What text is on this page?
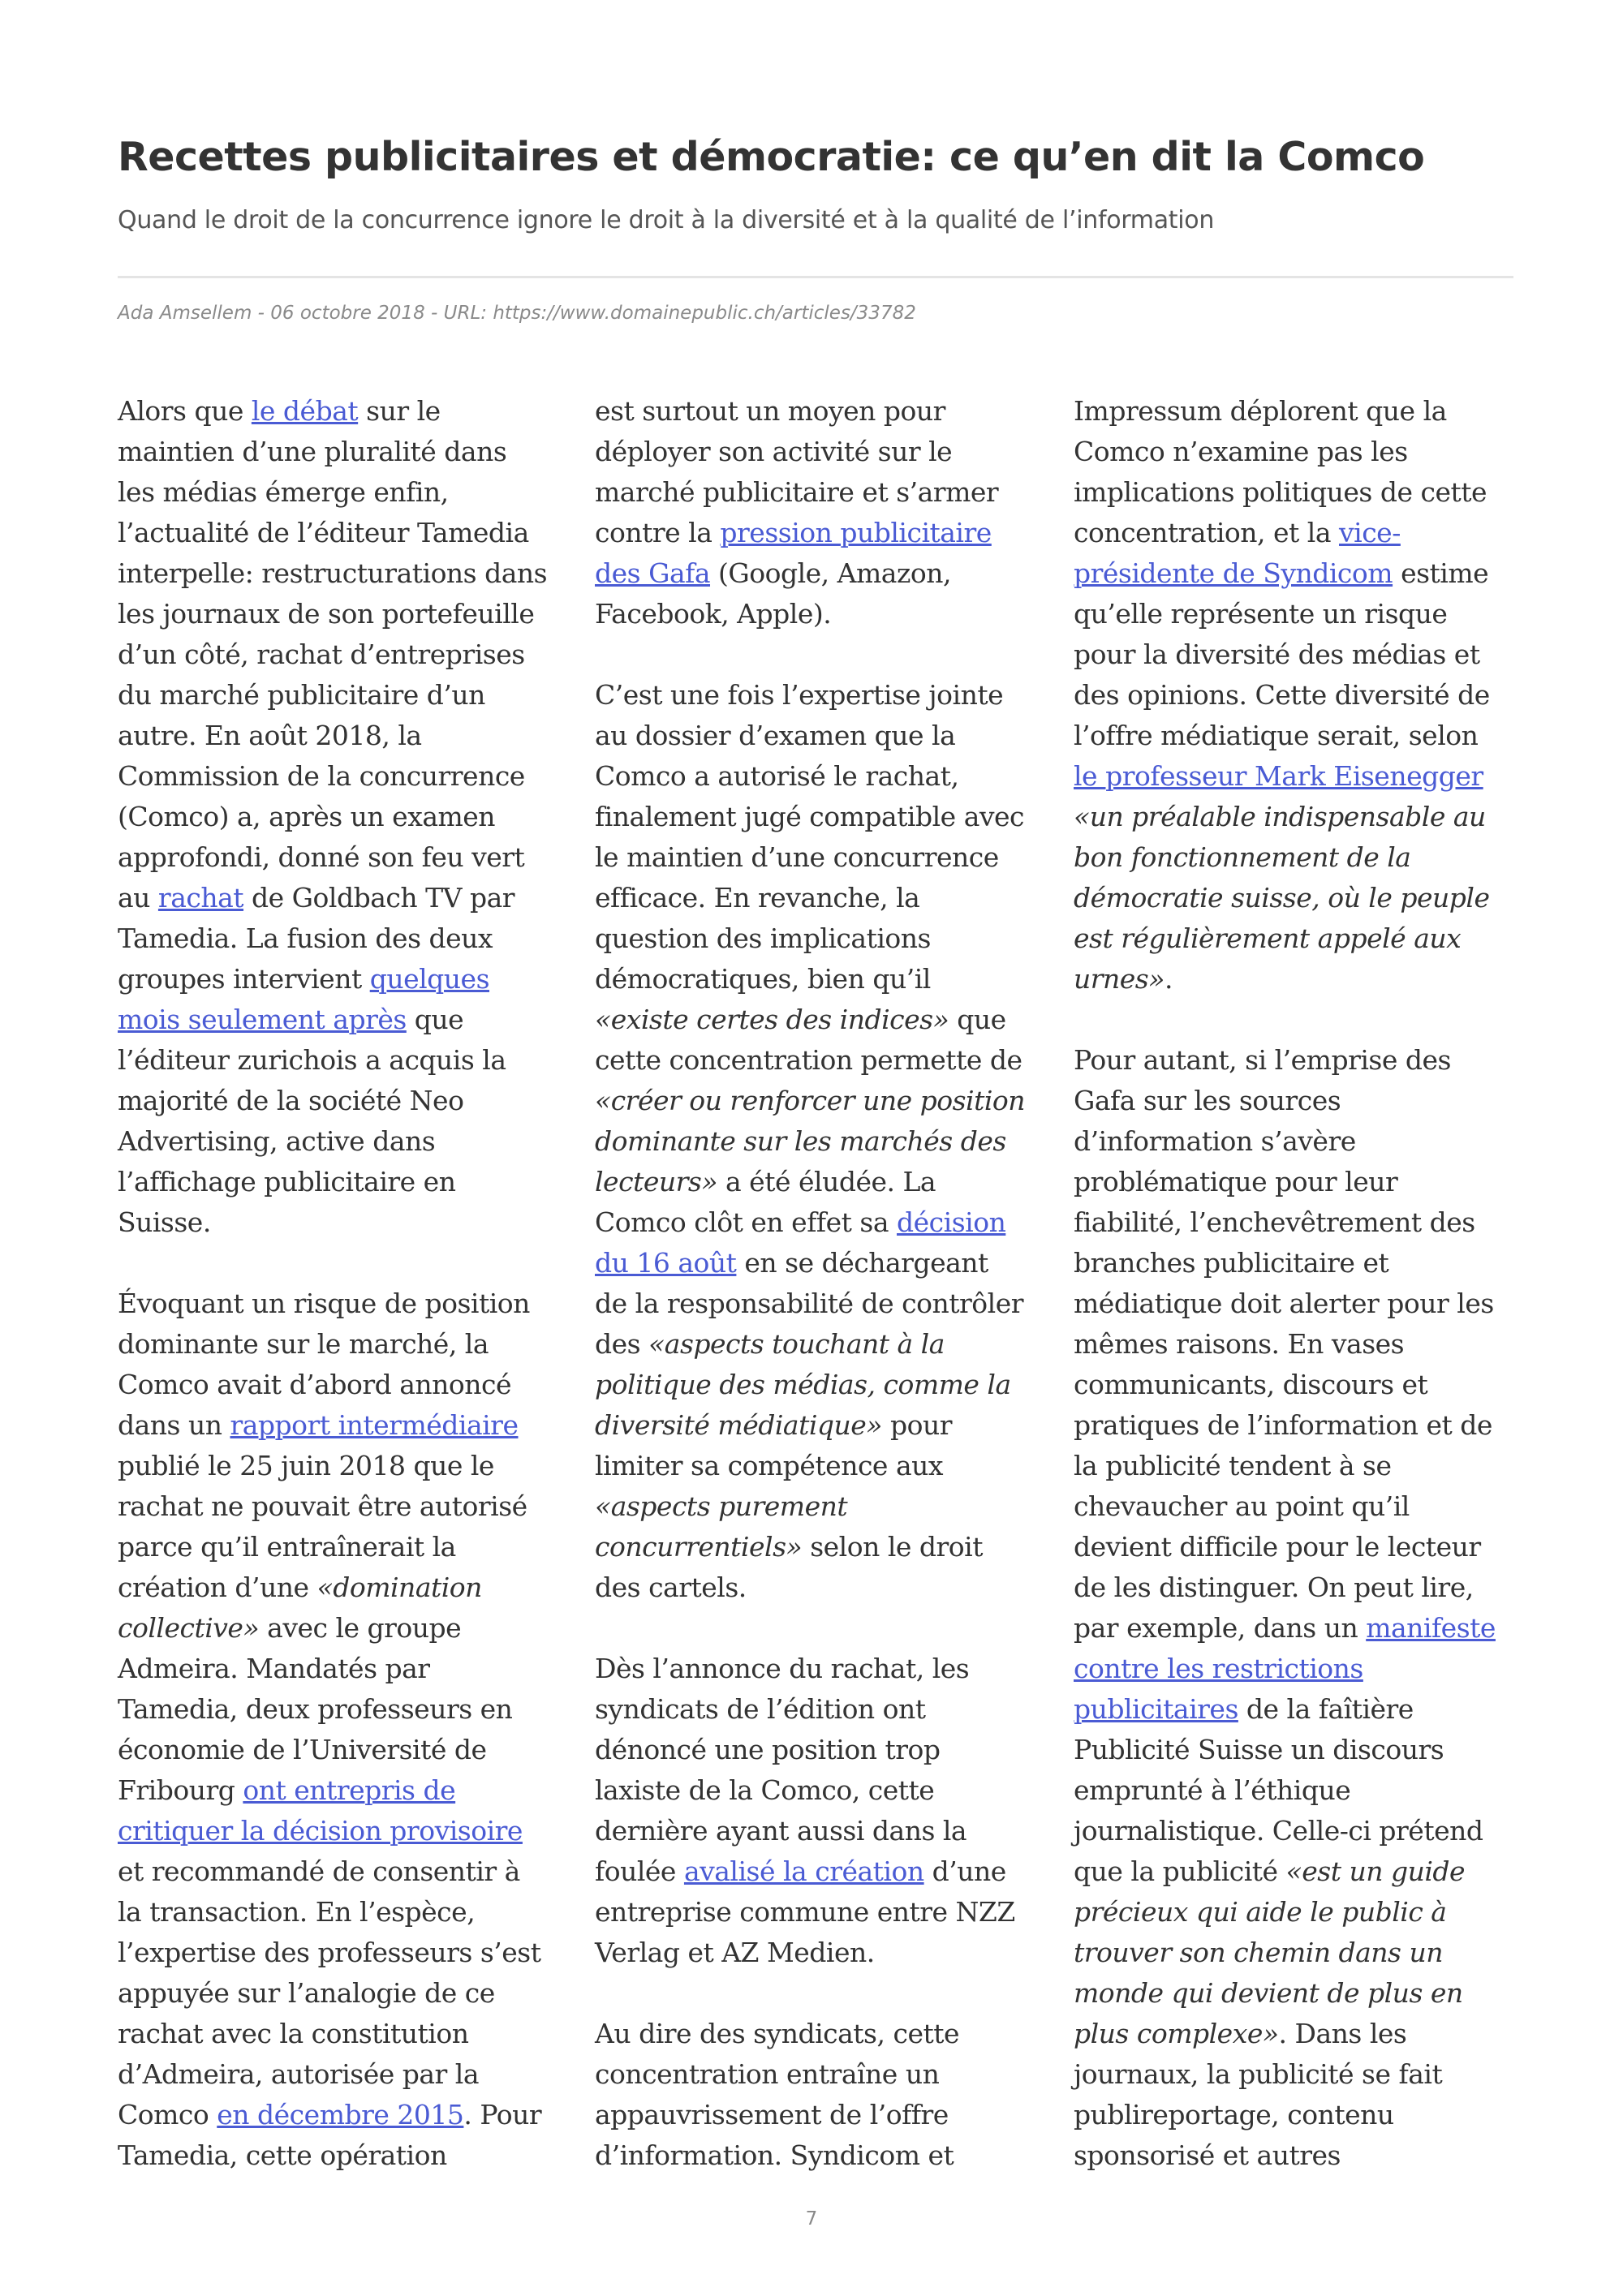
Recettes publicitaires et démocratie: ce qu’en dit la Comco

Quand le droit de la concurrence ignore le droit à la diversité et à la qualité de l’information

Ada Amsellem - 06 octobre 2018 - URL: https://www.domainepublic.ch/articles/33782

Alors que le débat sur le maintien d’une pluralité dans les médias émerge enfin, l’actualité de l’éditeur Tamedia interpelle: restructurations dans les journaux de son portefeuille d’un côté, rachat d’entreprises du marché publicitaire d’un autre. En août 2018, la Commission de la concurrence (Comco) a, après un examen approfondi, donné son feu vert au rachat de Goldbach TV par Tamedia. La fusion des deux groupes intervient quelques mois seulement après que l’éditeur zurichois a acquis la majorité de la société Neo Advertising, active dans l’affichage publicitaire en Suisse.

Évoquant un risque de position dominante sur le marché, la Comco avait d’abord annoncé dans un rapport intermédiaire publié le 25 juin 2018 que le rachat ne pouvait être autorisé parce qu’il entraînerait la création d’une «domination collective» avec le groupe Admeira. Mandatés par Tamedia, deux professeurs en économie de l’Université de Fribourg ont entrepris de critiquer la décision provisoire et recommandé de consentir à la transaction. En l’espèce, l’expertise des professeurs s’est appuyée sur l’analogie de ce rachat avec la constitution d’Admeira, autorisée par la Comco en décembre 2015. Pour Tamedia, cette opération

est surtout un moyen pour déployer son activité sur le marché publicitaire et s’armer contre la pression publicitaire des Gafa (Google, Amazon, Facebook, Apple).

C’est une fois l’expertise jointe au dossier d’examen que la Comco a autorisé le rachat, finalement jugé compatible avec le maintien d’une concurrence efficace. En revanche, la question des implications démocratiques, bien qu’il «existe certes des indices» que cette concentration permette de «créer ou renforcer une position dominante sur les marchés des lecteurs» a été éludée. La Comco clôt en effet sa décision du 16 août en se déchargeant de la responsabilité de contrôler des «aspects touchant à la politique des médias, comme la diversité médiatique» pour limiter sa compétence aux «aspects purement concurrentiels» selon le droit des cartels.

Dès l’annonce du rachat, les syndicats de l’édition ont dénoncé une position trop laxiste de la Comco, cette dernière ayant aussi dans la foulée avalisé la création d’une entreprise commune entre NZZ Verlag et AZ Medien.

Au dire des syndicats, cette concentration entraîne un appauvrissement de l’offre d’information. Syndicom et

Impressum déplorent que la Comco n’examine pas les implications politiques de cette concentration, et la vice-présidente de Syndicom estime qu’elle représente un risque pour la diversité des médias et des opinions. Cette diversité de l’offre médiatique serait, selon le professeur Mark Eisenegger «un préalable indispensable au bon fonctionnement de la démocratie suisse, où le peuple est régulièrement appelé aux urnes».

Pour autant, si l’emprise des Gafa sur les sources d’information s’avère problématique pour leur fiabilité, l’enchevêtrement des branches publicitaire et médiatique doit alerter pour les mêmes raisons. En vases communicants, discours et pratiques de l’information et de la publicité tendent à se chevaucher au point qu’il devient difficile pour le lecteur de les distinguer. On peut lire, par exemple, dans un manifeste contre les restrictions publicitaires de la faîtière Publicité Suisse un discours emprunté à l’éthique journalistique. Celle-ci prétend que la publicité «est un guide précieux qui aide le public à trouver son chemin dans un monde qui devient de plus en plus complexe». Dans les journaux, la publicité se fait publireportage, contenu sponsorisé et autres

7
